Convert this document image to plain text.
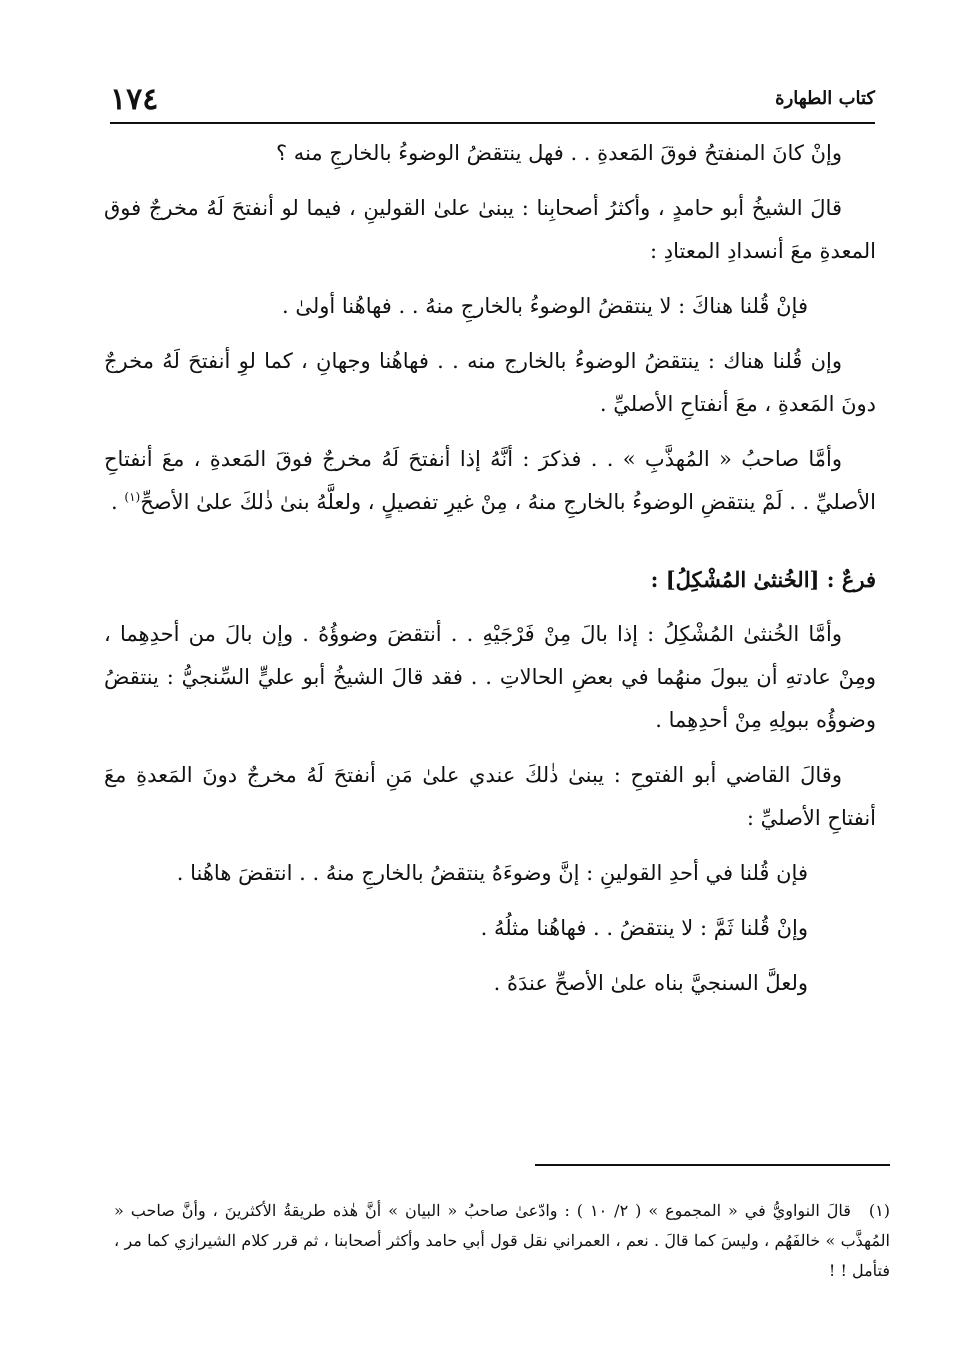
١٧٤	كتاب الطهارة

وإنْ كانَ المنفتحُ فوقَ المَعدةِ . . فهل ينتقضُ الوضوءُ بالخارجِ منه ؟

قالَ الشيخُ أبو حامدٍ ، وأكثرُ أصحابِنا : يبنىٰ علىٰ القولينِ ، فيما لو أنفتحَ لَهُ مخرجٌ فوق المعدةِ معَ أنسدادِ المعتادِ :

فإنْ قُلنا هناكَ : لا ينتقضُ الوضوءُ بالخارجِ منهُ . . فهاهُنا أولىٰ .

وإن قُلنا هناك : ينتقضُ الوضوءُ بالخارج منه . . فهاهُنا وجهانِ ، كما لوِ أنفتحَ لَهُ مخرجٌ دونَ المَعدةِ ، معَ أنفتاحِ الأصليِّ .

وأمَّا صاحبُ « المُهذَّبِ » . . فذكرَ : أنَّهُ إذا أنفتحَ لَهُ مخرجٌ فوقَ المَعدةِ ، معَ أنفتاحِ الأصليِّ . . لَمْ ينتقضِ الوضوءُ بالخارجِ منهُ ، مِنْ غيرِ تفصيلٍ ، ولعلَّهُ بنىٰ ذٰلكَ علىٰ الأصحِّ$^{(١)}$ .

فرعٌ : [الخُنثىٰ المُشْكِلُ] :

وأمَّا الخُنثىٰ المُشْكِلُ : إذا بالَ مِنْ فَرْجَيْهِ . . أنتقضَ وضوؤُهُ . وإن بالَ من أحدِهِما ، ومِنْ عادتهِ أن يبولَ منهُما في بعضِ الحالاتِ . . فقد قالَ الشيخُ أبو عليٍّ السِّنجيُّ : ينتقضُ وضوؤُه ببولِهِ مِنْ أحدِهِما .

وقالَ القاضي أبو الفتوحِ : يبنىٰ ذٰلكَ عندي علىٰ مَنِ أنفتحَ لَهُ مخرجٌ دونَ المَعدةِ معَ أنفتاحِ الأصليِّ :

فإن قُلنا في أحدِ القولينِ : إنَّ وضوءَهُ ينتقضُ بالخارجِ منهُ . . انتقضَ هاهُنا .

وإنْ قُلنا ثَمَّ : لا ينتقضُ . . فهاهُنا مثلُهُ .

ولعلَّ السنجيَّ بناه علىٰ الأصحِّ عندَهُ .

(١)
قالَ النواويُّ في « المجموع » ( ٢/ ١٠ ) : وادّعىٰ صاحبُ « البيان » أنَّ هٰذه طريقةُ الأكثرينَ ، وأنَّ صاحب « المُهذَّب » خالفَهُم ، وليسَ كما قالَ . نعم ، العمراني نقل قول أبي حامد وأكثر أصحابنا ، ثم قرر كلام الشيرازي كما مر ، فتأمل ! !
